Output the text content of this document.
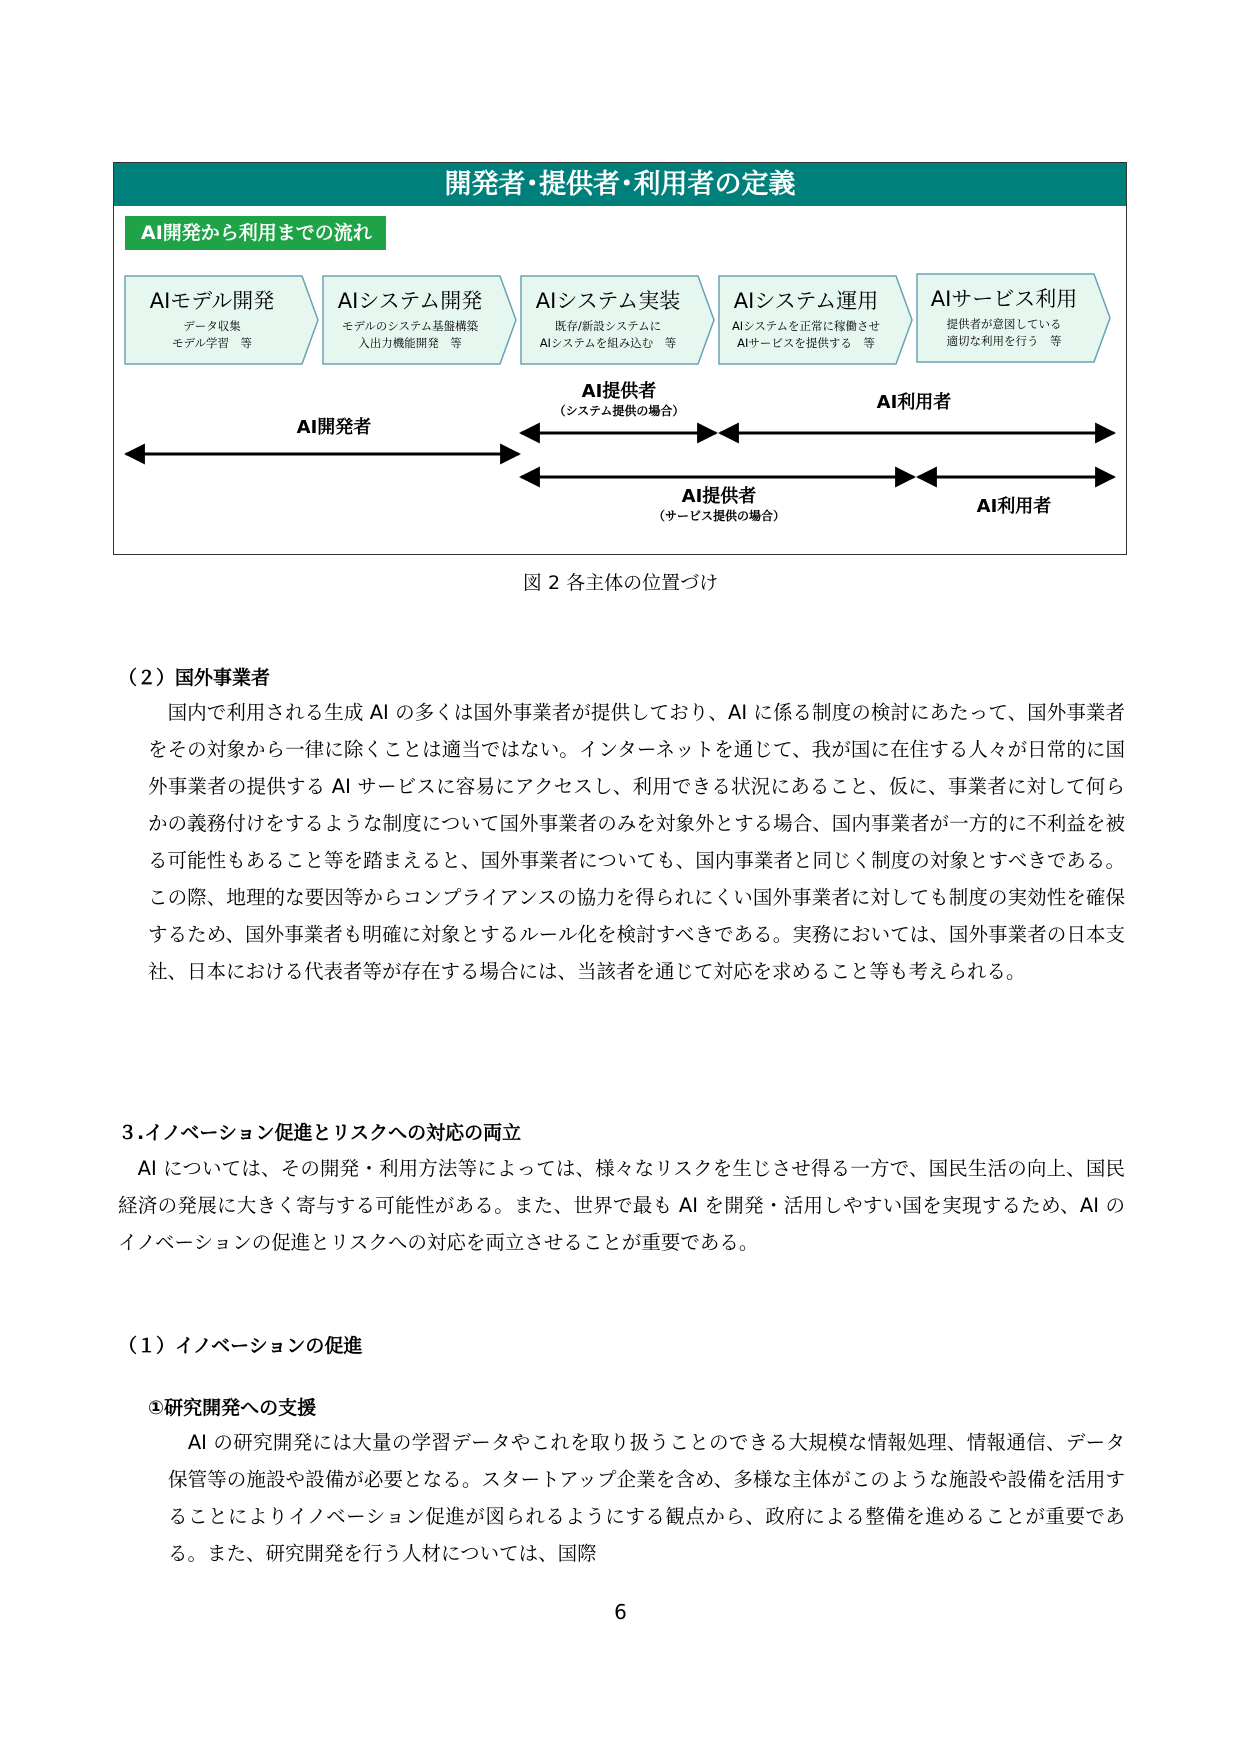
開発者･提供者･利用者の定義
AI開発から利用までの流れ
AIモデル開発
データ収集
モデル学習　等
AIシステム開発
モデルのシステム基盤構築
入出力機能開発　等
AIシステム実装
既存/新設システムに
AIシステムを組み込む　等
AIシステム運用
AIシステムを正常に稼働させ
AIサービスを提供する　等
AIサービス利用
提供者が意図している
適切な利用を行う　等
AI開発者
AI提供者
（システム提供の場合）	AI利用者
AI提供者
（サービス提供の場合）	AI利用者
図 2 各主体の位置づけ
（２）国外事業者
　国内で利用される生成 AI の多くは国外事業者が提供しており、AI に係る制度の検討にあたって、国外事業者をその対象から一律に除くことは適当ではない。インターネットを通じて、我が国に在住する人々が日常的に国外事業者の提供する AI サービスに容易にアクセスし、利用できる状況にあること、仮に、事業者に対して何らかの義務付けをするような制度について国外事業者のみを対象外とする場合、国内事業者が一方的に不利益を被る可能性もあること等を踏まえると、国外事業者についても、国内事業者と同じく制度の対象とすべきである。この際、地理的な要因等からコンプライアンスの協力を得られにくい国外事業者に対しても制度の実効性を確保するため、国外事業者も明確に対象とするルール化を検討すべきである。実務においては、国外事業者の日本支社、日本における代表者等が存在する場合には、当該者を通じて対応を求めること等も考えられる。
３.イノベーション促進とリスクへの対応の両立
　AI については、その開発・利用方法等によっては、様々なリスクを生じさせ得る一方で、国民生活の向上、国民経済の発展に大きく寄与する可能性がある。また、世界で最も AI を開発・活用しやすい国を実現するため、AI のイノベーションの促進とリスクへの対応を両立させることが重要である。
（１）イノベーションの促進
①研究開発への支援
　AI の研究開発には大量の学習データやこれを取り扱うことのできる大規模な情報処理、情報通信、データ保管等の施設や設備が必要となる。スタートアップ企業を含め、多様な主体がこのような施設や設備を活用することによりイノベーション促進が図られるようにする観点から、政府による整備を進めることが重要である。また、研究開発を行う人材については、国際
6
